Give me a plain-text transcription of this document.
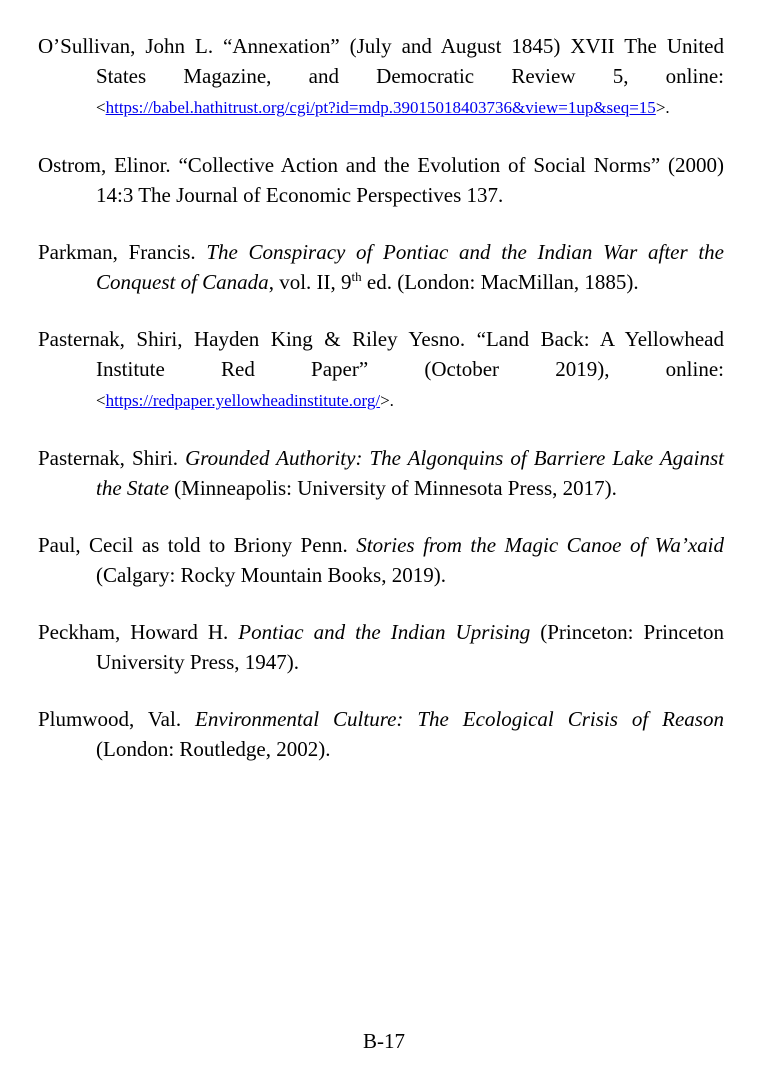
O’Sullivan, John L. “Annexation” (July and August 1845) XVII The United States Magazine, and Democratic Review 5, online: <https://babel.hathitrust.org/cgi/pt?id=mdp.39015018403736&view=1up&seq=15>.

Ostrom, Elinor. “Collective Action and the Evolution of Social Norms” (2000) 14:3 The Journal of Economic Perspectives 137.

Parkman, Francis. The Conspiracy of Pontiac and the Indian War after the Conquest of Canada, vol. II, 9th ed. (London: MacMillan, 1885).

Pasternak, Shiri, Hayden King & Riley Yesno. “Land Back: A Yellowhead Institute Red Paper” (October 2019), online: <https://redpaper.yellowheadinstitute.org/>.

Pasternak, Shiri. Grounded Authority: The Algonquins of Barriere Lake Against the State (Minneapolis: University of Minnesota Press, 2017).

Paul, Cecil as told to Briony Penn. Stories from the Magic Canoe of Wa’xaid (Calgary: Rocky Mountain Books, 2019).

Peckham, Howard H. Pontiac and the Indian Uprising (Princeton: Princeton University Press, 1947).

Plumwood, Val. Environmental Culture: The Ecological Crisis of Reason (London: Routledge, 2002).

B-17
